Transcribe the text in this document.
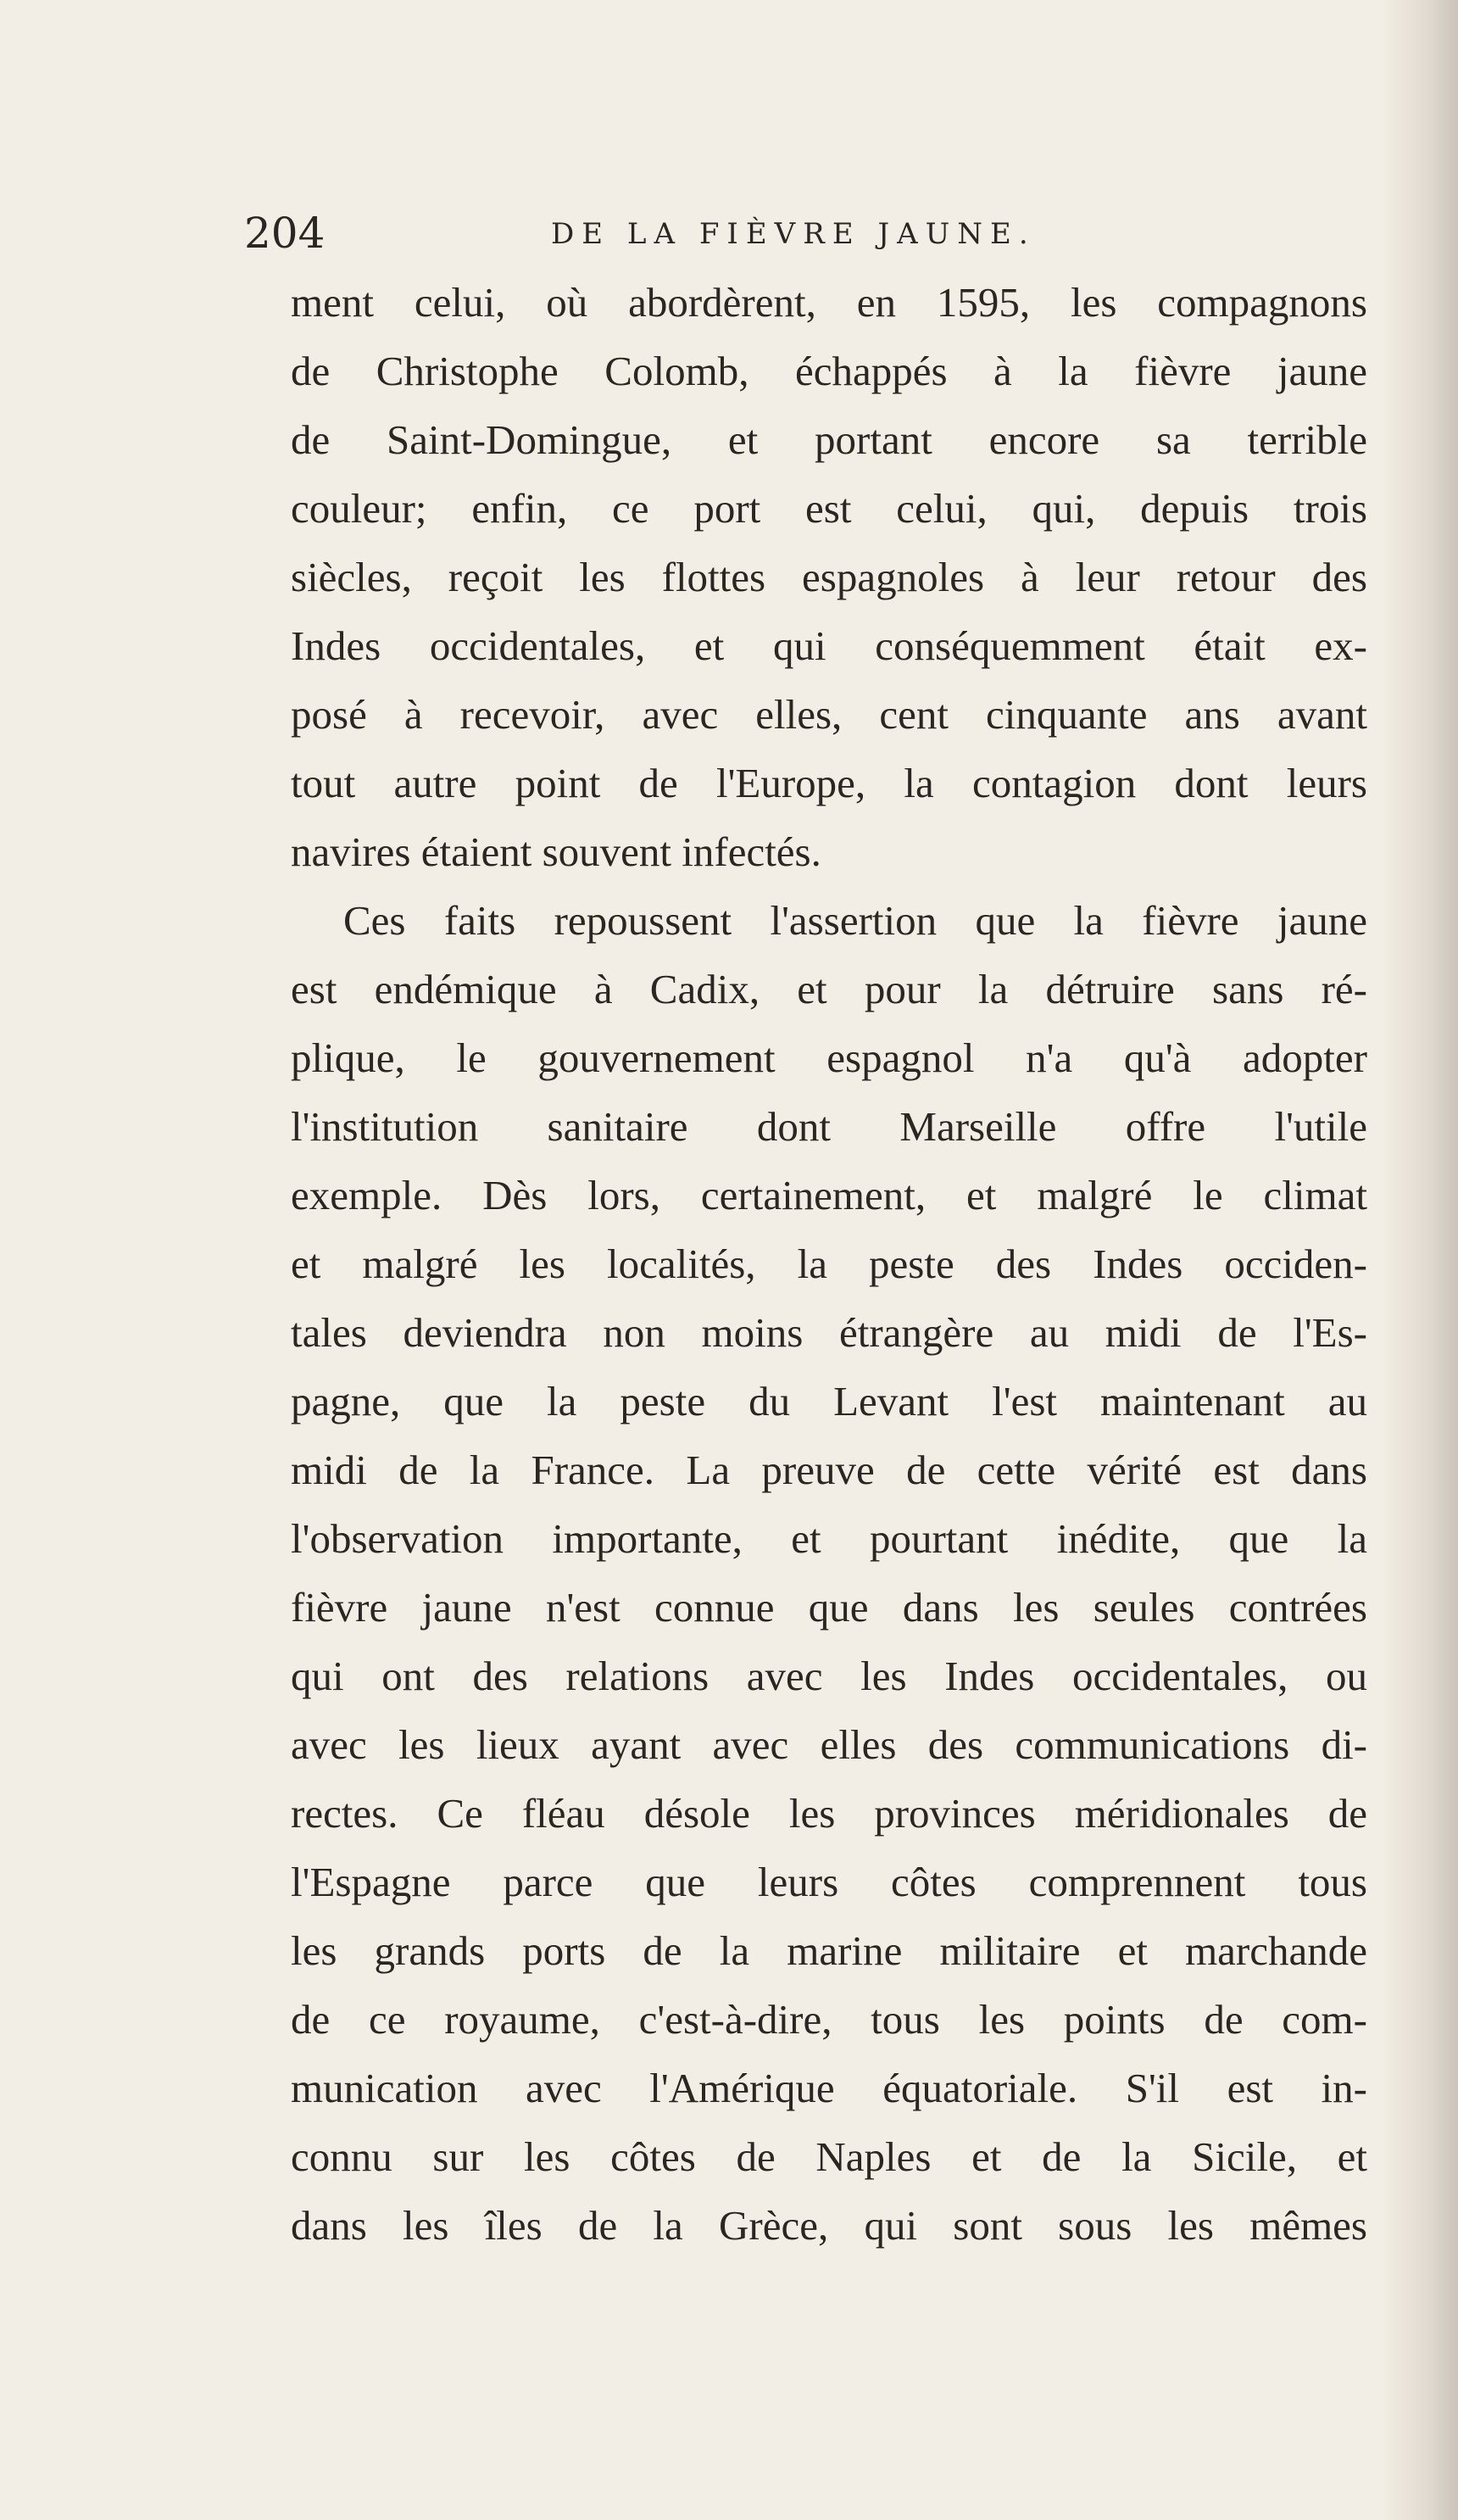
204	DE LA FIÈVRE JAUNE.
ment celui, où abordèrent, en 1595, les compagnons
de Christophe Colomb, échappés à la fièvre jaune
de Saint-Domingue, et portant encore sa terrible
couleur; enfin, ce port est celui, qui, depuis trois
siècles, reçoit les flottes espagnoles à leur retour des
Indes occidentales, et qui conséquemment était ex-
posé à recevoir, avec elles, cent cinquante ans avant
tout autre point de l'Europe, la contagion dont leurs
navires étaient souvent infectés.
Ces faits repoussent l'assertion que la fièvre jaune
est endémique à Cadix, et pour la détruire sans ré-
plique, le gouvernement espagnol n'a qu'à adopter
l'institution sanitaire dont Marseille offre l'utile
exemple. Dès lors, certainement, et malgré le climat
et malgré les localités, la peste des Indes occiden-
tales deviendra non moins étrangère au midi de l'Es-
pagne, que la peste du Levant l'est maintenant au
midi de la France. La preuve de cette vérité est dans
l'observation importante, et pourtant inédite, que la
fièvre jaune n'est connue que dans les seules contrées
qui ont des relations avec les Indes occidentales, ou
avec les lieux ayant avec elles des communications di-
rectes. Ce fléau désole les provinces méridionales de
l'Espagne parce que leurs côtes comprennent tous
les grands ports de la marine militaire et marchande
de ce royaume, c'est-à-dire, tous les points de com-
munication avec l'Amérique équatoriale. S'il est in-
connu sur les côtes de Naples et de la Sicile, et
dans les îles de la Grèce, qui sont sous les mêmes
